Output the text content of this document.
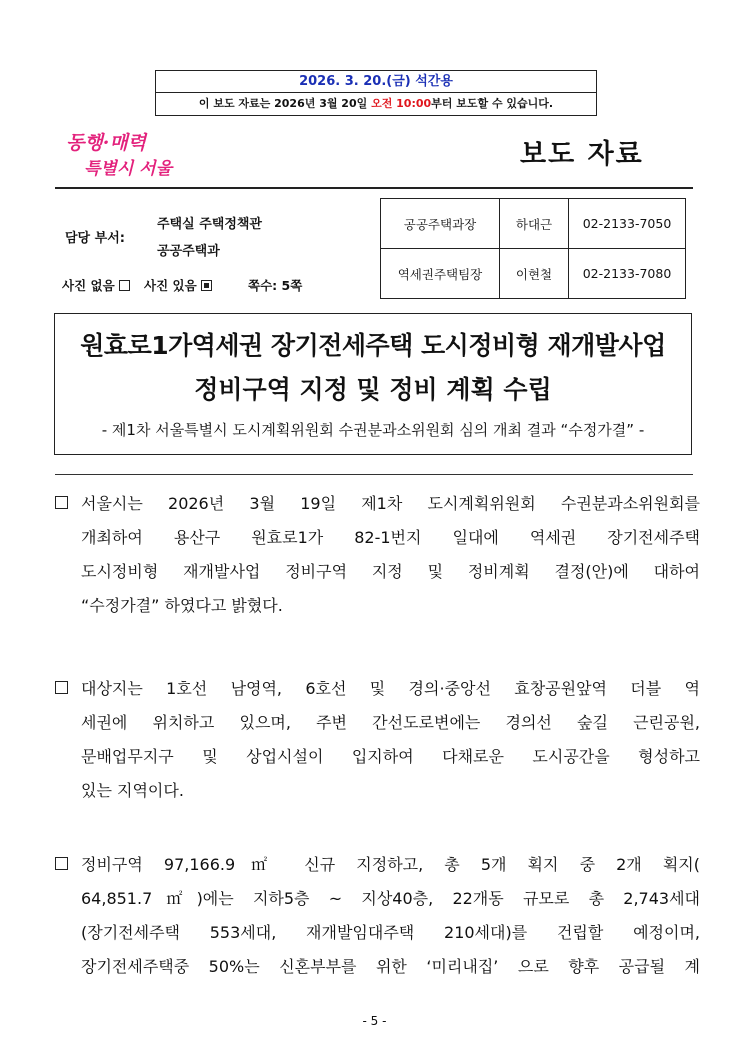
2026. 3. 20.(금) 석간용
이 보도 자료는 2026년 3월 20일 오전 10:00부터 보도할 수 있습니다.
동행·매력
특별시 서울	보도 자료
담당 부서:
주택실 주택정책관
공공주택과
사진 없음 사진 있음	쪽수: 5쪽
공공주택과장	하대근	02-2133-7050
역세권주택팀장	이현철	02-2133-7080
원효로1가역세권 장기전세주택 도시정비형 재개발사업
정비구역 지정 및 정비 계획 수립
- 제1차 서울특별시 도시계획위원회 수권분과소위원회 심의 개최 결과 “수정가결” -
서울시는 2026년 3월 19일 제1차 도시계획위원회 수권분과소위원회를
개최하여 용산구 원효로1가 82-1번지 일대에 역세권 장기전세주택
도시정비형 재개발사업 정비구역 지정 및 정비계획 결정(안)에 대하여
“수정가결” 하였다고 밝혔다.
대상지는 1호선 남영역, 6호선 및 경의·중앙선 효창공원앞역 더블 역
세권에 위치하고 있으며, 주변 간선도로변에는 경의선 숲길 근린공원,
문배업무지구 및 상업시설이 입지하여 다채로운 도시공간을 형성하고
있는 지역이다.
정비구역 97,166.9㎡ 신규 지정하고, 총 5개 획지 중 2개 획지(
64,851.7㎡)에는 지하5층 ~ 지상40층, 22개동 규모로 총 2,743세대
(장기전세주택 553세대, 재개발임대주택 210세대)를 건립할 예정이며,
장기전세주택중 50%는 신혼부부를 위한 ‘미리내집’ 으로 향후 공급될 계
- 5 -
